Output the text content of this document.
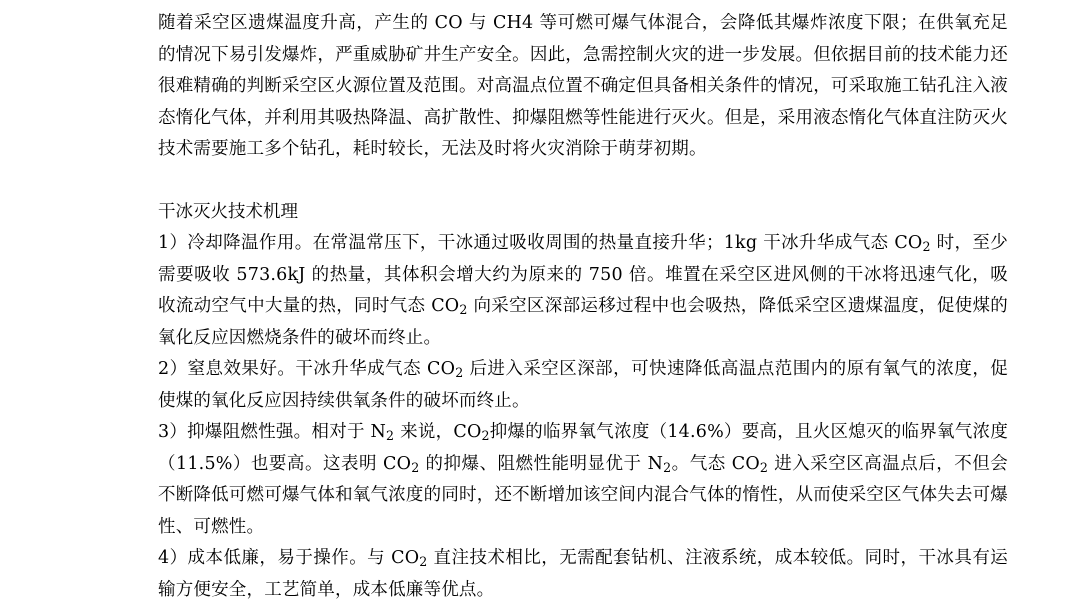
随着采空区遗煤温度升高，产生的 CO 与 CH4 等可燃可爆气体混合，会降低其爆炸浓度下限；在供氧充足的情况下易引发爆炸，严重威胁矿井生产安全。因此，急需控制火灾的进一步发展。但依据目前的技术能力还很难精确的判断采空区火源位置及范围。对高温点位置不确定但具备相关条件的情况，可采取施工钻孔注入液态惰化气体，并利用其吸热降温、高扩散性、抑爆阻燃等性能进行灭火。但是，采用液态惰化气体直注防灭火技术需要施工多个钻孔，耗时较长，无法及时将火灾消除于萌芽初期。

干冰灭火技术机理

1）冷却降温作用。在常温常压下，干冰通过吸收周围的热量直接升华；1kg 干冰升华成气态 $CO_2$ 时，至少需要吸收 573.6kJ 的热量，其体积会增大约为原来的 750 倍。堆置在采空区进风侧的干冰将迅速气化，吸收流动空气中大量的热，同时气态 $CO_2$ 向采空区深部运移过程中也会吸热，降低采空区遗煤温度，促使煤的氧化反应因燃烧条件的破坏而终止。

2）窒息效果好。干冰升华成气态 $CO_2$ 后进入采空区深部，可快速降低高温点范围内的原有氧气的浓度，促使煤的氧化反应因持续供氧条件的破坏而终止。

3）抑爆阻燃性强。相对于 $N_2$ 来说，$CO_2$抑爆的临界氧气浓度（14.6%）要高，且火区熄灭的临界氧气浓度（11.5%）也要高。这表明 $CO_2$ 的抑爆、阻燃性能明显优于 $N_2$。气态 $CO_2$ 进入采空区高温点后，不但会不断降低可燃可爆气体和氧气浓度的同时，还不断增加该空间内混合气体的惰性，从而使采空区气体失去可爆性、可燃性。

4）成本低廉，易于操作。与 $CO_2$ 直注技术相比，无需配套钻机、注液系统，成本较低。同时，干冰具有运输方便安全，工艺简单，成本低廉等优点。
